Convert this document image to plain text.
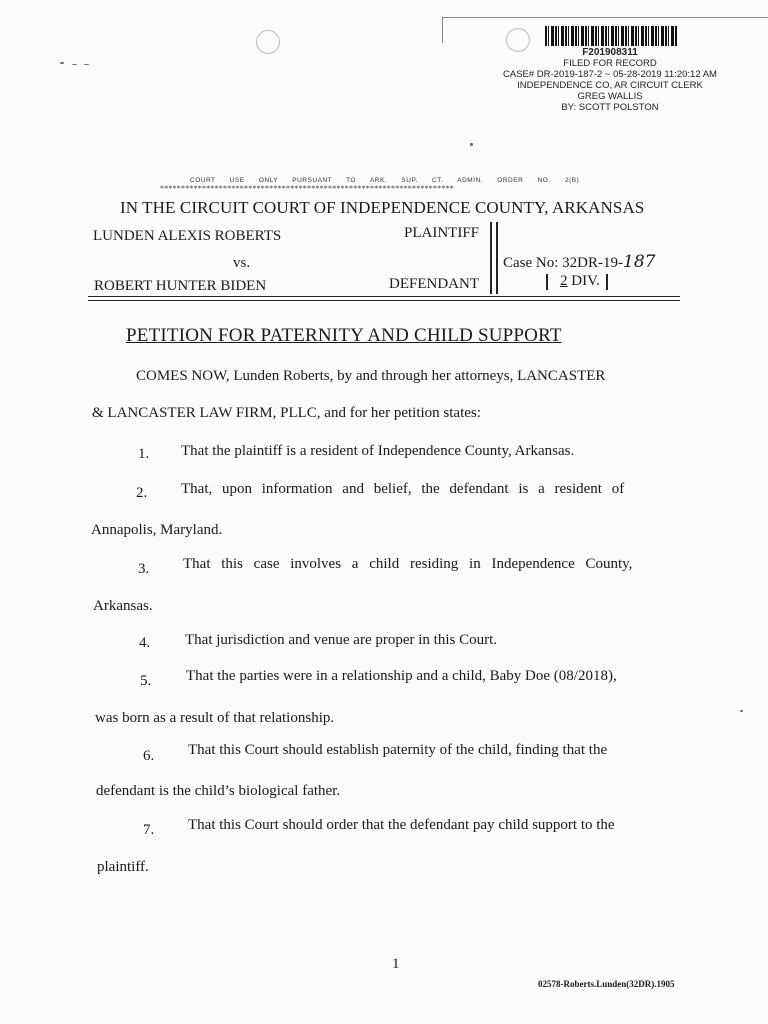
F201908311
FILED FOR RECORD
CASE# DR-2019-187-2 ~ 05-28-2019 11:20:12 AM
INDEPENDENCE CO, AR CIRCUIT CLERK
GREG WALLIS
BY: SCOTT POLSTON
COURT USE ONLY PURSUANT TO ARK. SUP. CT. ADMIN. ORDER NO. 2(B)
**********************************************************************
IN THE CIRCUIT COURT OF INDEPENDENCE COUNTY, ARKANSAS
LUNDEN ALEXIS ROBERTS	PLAINTIFF
vs.
ROBERT HUNTER BIDEN	DEFENDANT
Case No: 32DR-19-187
2 DIV.
PETITION FOR PATERNITY AND CHILD SUPPORT
COMES NOW, Lunden Roberts, by and through her attorneys, LANCASTER
& LANCASTER LAW FIRM, PLLC, and for her petition states:
1. That the plaintiff is a resident of Independence County, Arkansas.
2. That, upon information and belief, the defendant is a resident of
Annapolis, Maryland.
3. That this case involves a child residing in Independence County,
Arkansas.
4. That jurisdiction and venue are proper in this Court.
5. That the parties were in a relationship and a child, Baby Doe (08/2018),
was born as a result of that relationship.
6. That this Court should establish paternity of the child, finding that the
defendant is the child’s biological father.
7. That this Court should order that the defendant pay child support to the
plaintiff.
1
02578-Roberts.Lunden(32DR).1905
